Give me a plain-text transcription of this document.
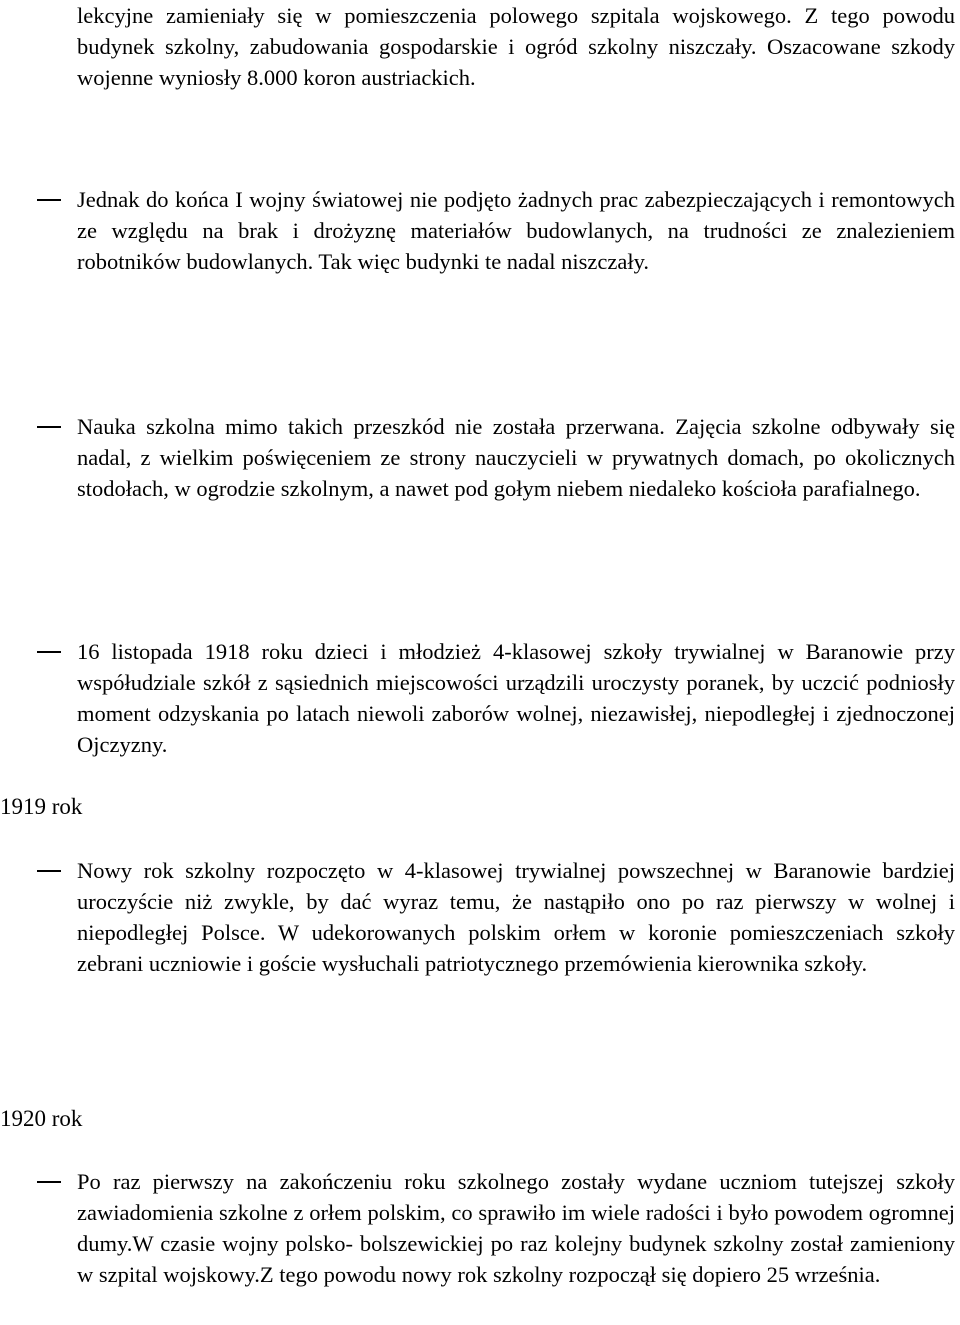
lekcyjne zamieniały się w pomieszczenia polowego szpitala wojskowego. Z tego powodu budynek szkolny, zabudowania gospodarskie i ogród szkolny niszczały. Oszacowane szkody wojenne wyniosły 8.000 koron austriackich.

Jednak do końca I wojny światowej nie podjęto żadnych prac zabezpieczających i remontowych ze względu na brak i drożyznę materiałów budowlanych, na trudności ze znalezieniem robotników budowlanych. Tak więc budynki te nadal niszczały.

Nauka szkolna mimo takich przeszkód nie została przerwana. Zajęcia szkolne odbywały się nadal, z wielkim poświęceniem ze strony nauczycieli w prywatnych domach, po okolicznych stodołach, w ogrodzie szkolnym, a nawet pod gołym niebem niedaleko kościoła parafialnego.

16 listopada 1918 roku dzieci i młodzież 4-klasowej szkoły trywialnej w Baranowie przy współudziale szkół z sąsiednich miejscowości urządzili uroczysty poranek, by uczcić podniosły moment odzyskania po latach niewoli zaborów wolnej, niezawisłej, niepodległej i zjednoczonej Ojczyzny.

1919 rok

Nowy rok szkolny rozpoczęto w 4-klasowej trywialnej powszechnej w Baranowie bardziej uroczyście niż zwykle, by dać wyraz temu, że nastąpiło ono po raz pierwszy w wolnej i niepodległej Polsce. W udekorowanych polskim orłem w koronie pomieszczeniach szkoły zebrani uczniowie i goście wysłuchali patriotycznego przemówienia kierownika szkoły.

1920 rok

Po raz pierwszy na zakończeniu roku szkolnego zostały wydane uczniom tutejszej szkoły zawiadomienia szkolne z orłem polskim, co sprawiło im wiele radości i było powodem ogromnej dumy.W czasie wojny polsko- bolszewickiej po raz kolejny budynek szkolny został zamieniony w szpital wojskowy.Z tego powodu nowy rok szkolny rozpoczął się dopiero 25 września.
